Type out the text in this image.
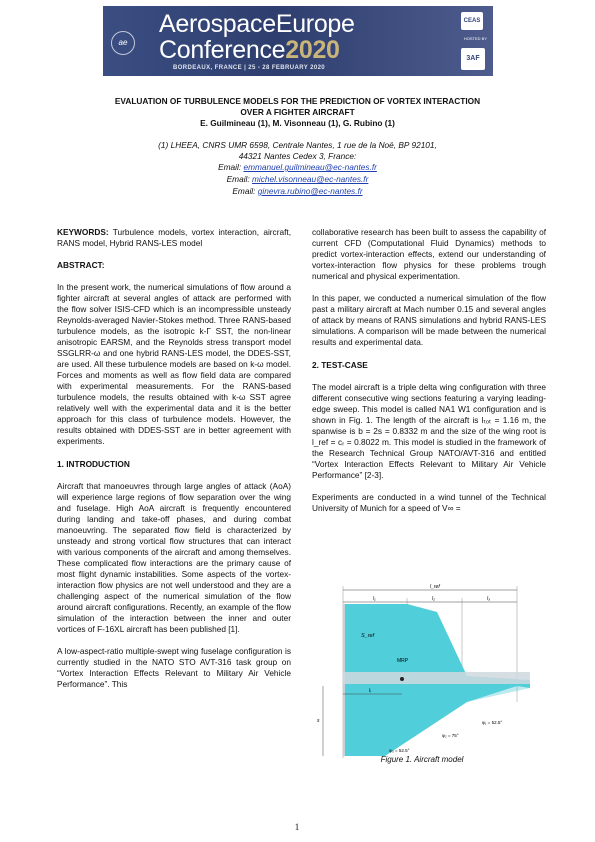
ae
AerospaceEurope
Conference2020
BORDEAUX, FRANCE | 25 - 28 FEBRUARY 2020
CEAS
HOSTED BY
3AF
EVALUATION OF TURBULENCE MODELS FOR THE PREDICTION OF VORTEX INTERACTION
OVER A FIGHTER AIRCRAFT
E. Guilmineau (1), M. Visonneau (1), G. Rubino (1)
(1) LHEEA, CNRS UMR 6598, Centrale Nantes, 1 rue de la Noë, BP 92101,
44321 Nantes Cedex 3, France:
Email: emmanuel.guilmineau@ec-nantes.fr
Email: michel.visonneau@ec-nantes.fr
Email: ginevra.rubino@ec-nantes.fr

KEYWORDS: Turbulence models, vortex interaction, aircraft, RANS model, Hybrid RANS-LES model

ABSTRACT:

In the present work, the numerical simulations of flow around a fighter aircraft at several angles of attack are performed with the flow solver ISIS-CFD which is an incompressible unsteady Reynolds-averaged Navier-Stokes method. Three RANS-based turbulence models, as the isotropic k-Γ SST, the non-linear anisotropic EARSM, and the Reynolds stress transport model SSGLRR-ω and one hybrid RANS-LES model, the DDES-SST, are used. All these turbulence models are based on k-ω model. Forces and moments as well as flow field data are compared with experimental measurements. For the RANS-based turbulence models, the results obtained with k-ω SST agree relatively well with the experimental data and it is the better approach for this class of turbulence models. However, the results obtained with DDES-SST are in better agreement with experiments.

1. INTRODUCTION

Aircraft that manoeuvres through large angles of attack (AoA) will experience large regions of flow separation over the wing and fuselage. High AoA aircraft is frequently encountered during landing and take-off phases, and during combat manoeuvring. The separated flow field is characterized by unsteady and strong vortical flow structures that can interact with various components of the aircraft and among themselves. These complicated flow interactions are the primary cause of most flight dynamic instabilities. Some aspects of the vortex-interaction flow physics are not well understood and they are a challenging aspect of the numerical simulation of the flow around aircraft configurations. Recently, an example of the flow simulation of the interaction between the inner and outer vortices of F-16XL aircraft has been published [1].

A low-aspect-ratio multiple-swept wing fuselage configuration is currently studied in the NATO STO AVT-316 task group on “Vortex Interaction Effects Relevant to Military Air Vehicle Performance”. This

collaborative research has been built to assess the capability of current CFD (Computational Fluid Dynamics) methods to predict vortex-interaction effects, extend our understanding of vortex-interaction flow physics for these problems trough numerical and physical experimentation.

In this paper, we conducted a numerical simulation of the flow past a military aircraft at Mach number 0.15 and several angles of attack by means of RANS simulations and hybrid RANS-LES simulations. A comparison will be made between the numerical results and experimental data.

2. TEST-CASE

The model aircraft is a triple delta wing configuration with three different consecutive wing sections featuring a varying leading-edge sweep. This model is called NA1 W1 configuration and is shown in Fig. 1. The length of the aircraft is lₜₒₜ = 1.16 m, the spanwise is b = 2s = 0.8332 m and the size of the wing root is l_ref = cᵣ = 0.8022 m. This model is studied in the framework of the Research Technical Group NATO/AVT-316 and entitled “Vortex Interaction Effects Relevant to Military Air Vehicle Performance” [2-3].

Experiments are conducted in a wind tunnel of the Technical University of Munich for a speed of V∞ =

l_ref
l₁	l₂	l₃
MRP
S_ref
lᵣ
s	φ₁ = 52.5°
φ₂ = 75°
φ₃ = 52.5°
Figure 1. Aircraft model
1
